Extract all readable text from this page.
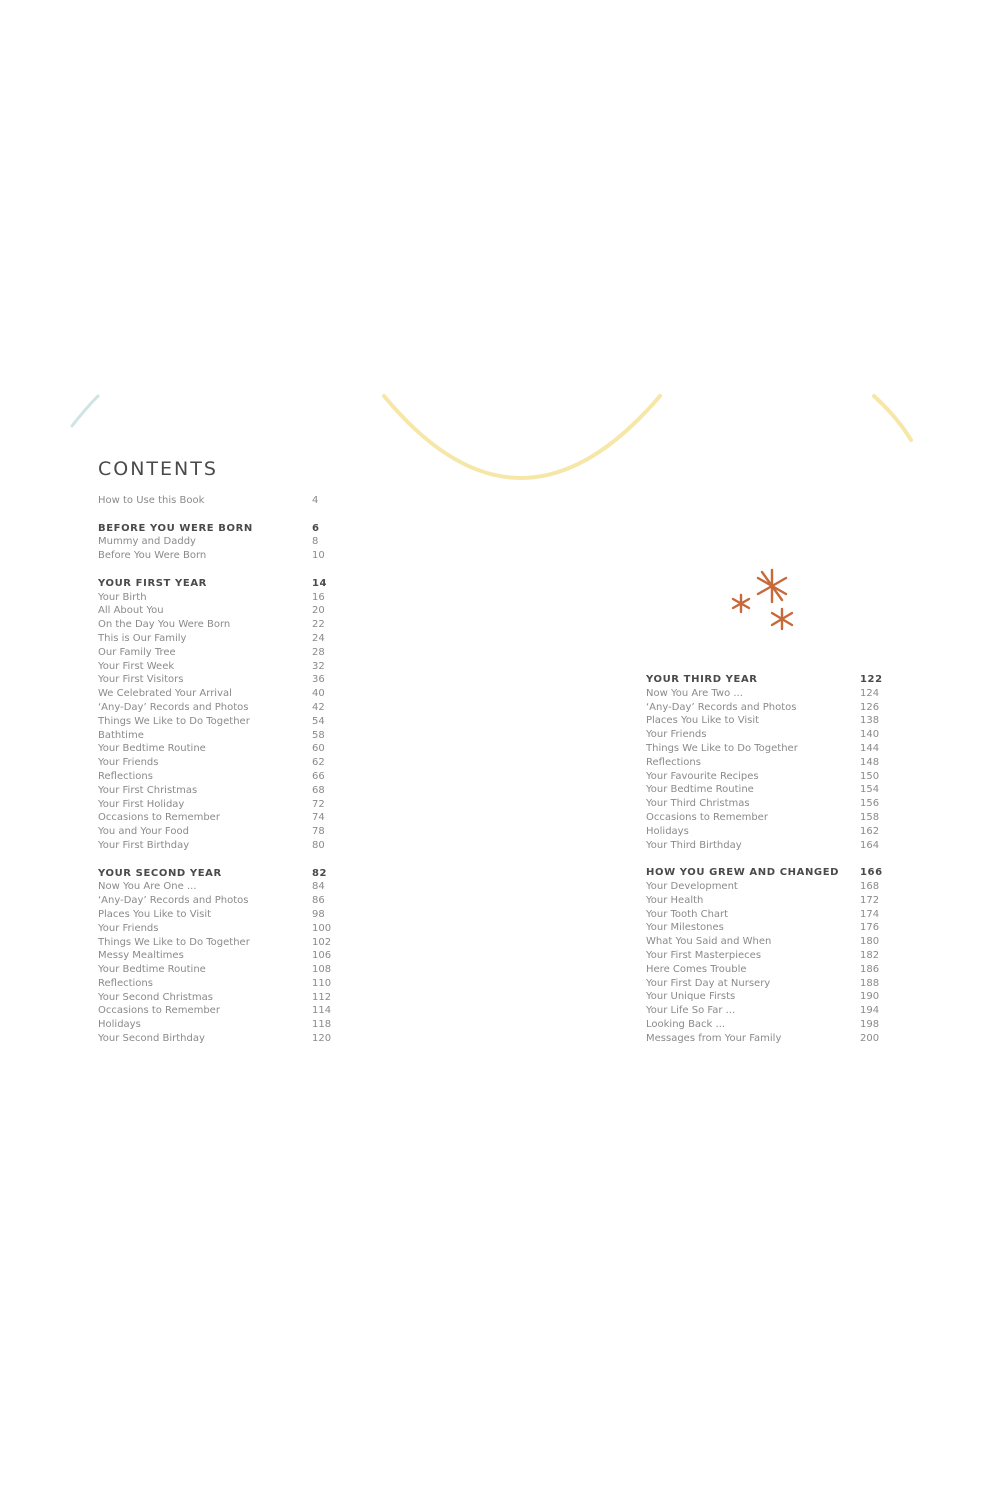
CONTENTS
How to Use this Book	4
BEFORE YOU WERE BORN	6
Mummy and Daddy	8
Before You Were Born	10
YOUR FIRST YEAR	14
Your Birth	16
All About You	20
On the Day You Were Born	22
This is Our Family	24
Our Family Tree	28
Your First Week	32
Your First Visitors	36
We Celebrated Your Arrival	40
‘Any-Day’ Records and Photos	42
Things We Like to Do Together	54
Bathtime	58
Your Bedtime Routine	60
Your Friends	62
Reflections	66
Your First Christmas	68
Your First Holiday	72
Occasions to Remember	74
You and Your Food	78
Your First Birthday	80
YOUR SECOND YEAR	82
Now You Are One ...	84
‘Any-Day’ Records and Photos	86
Places You Like to Visit	98
Your Friends	100
Things We Like to Do Together	102
Messy Mealtimes	106
Your Bedtime Routine	108
Reflections	110
Your Second Christmas	112
Occasions to Remember	114
Holidays	118
Your Second Birthday	120
YOUR THIRD YEAR	122
Now You Are Two ...	124
‘Any-Day’ Records and Photos	126
Places You Like to Visit	138
Your Friends	140
Things We Like to Do Together	144
Reflections	148
Your Favourite Recipes	150
Your Bedtime Routine	154
Your Third Christmas	156
Occasions to Remember	158
Holidays	162
Your Third Birthday	164
HOW YOU GREW AND CHANGED 166
Your Development	168
Your Health	172
Your Tooth Chart	174
Your Milestones	176
What You Said and When	180
Your First Masterpieces	182
Here Comes Trouble	186
Your First Day at Nursery	188
Your Unique Firsts	190
Your Life So Far ...	194
Looking Back ...	198
Messages from Your Family	200
